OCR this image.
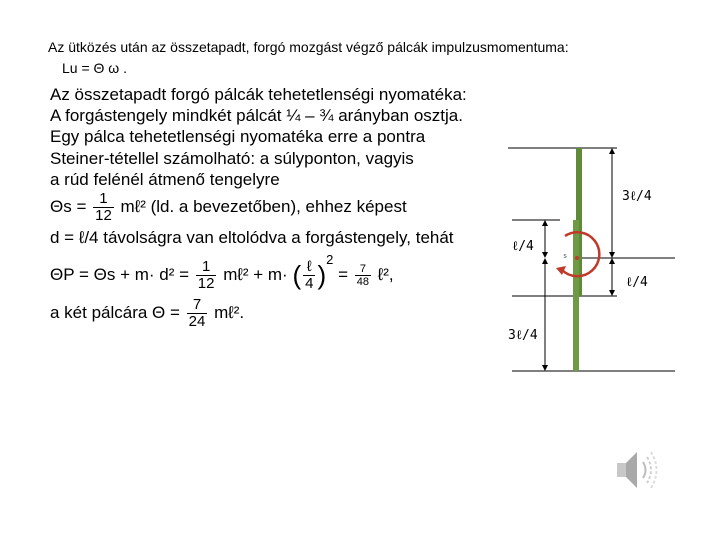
Az ütközés után az összetapadt, forgó mozgást végző pálcák impulzusmomentuma:
Lu = Θ ω .
Az összetapadt forgó pálcák tehetetlenségi nyomatéka:
A forgástengely mindkét pálcát ¼ – ¾ arányban osztja.
Egy pálca tehetetlenségi nyomatéka erre a pontra
Steiner-tétellel számolható: a súlyponton, vagyis
a rúd felénél átmenő tengelyre
$\Theta s = \frac{1}{12}$ mℓ² (ld. a bevezetőben), ehhez képest
d = ℓ/4 távolságra van eltolódva a forgástengely, tehát
$\Theta P = \Theta s + m\cdot d^2 = \frac{1}{12}$ mℓ² + m· ( $\frac{\text{ℓ}}{4} )^2 = \frac{7}{48}$ ℓ²,
a két pálcára $\Theta = \frac{7}{24}$ mℓ².
3ℓ/4
ℓ/4
ℓ/4
3ℓ/4
s
